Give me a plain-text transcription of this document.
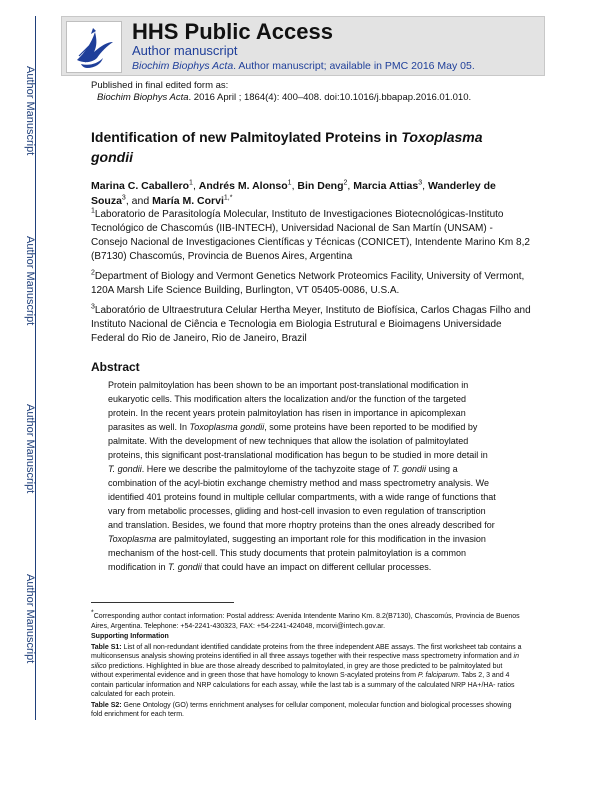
Author Manuscript
Author Manuscript
Author Manuscript
Author Manuscript
HHS Public Access
Author manuscript
Biochim Biophys Acta. Author manuscript; available in PMC 2016 May 05.
Published in final edited form as:
Biochim Biophys Acta. 2016 April ; 1864(4): 400–408. doi:10.1016/j.bbapap.2016.01.010.
Identification of new Palmitoylated Proteins in Toxoplasma gondii
Marina C. Caballero$^1$, Andrés M. Alonso$^1$, Bin Deng$^2$, Marcia Attias$^3$, Wanderley de Souza$^3$, and María M. Corvi$^{1,*}$
$^1$Laboratorio de Parasitología Molecular, Instituto de Investigaciones Biotecnológicas-Instituto Tecnológico de Chascomús (IIB-INTECH), Universidad Nacional de San Martín (UNSAM) - Consejo Nacional de Investigaciones Científicas y Técnicas (CONICET), Intendente Marino Km 8,2 (B7130) Chascomús, Provincia de Buenos Aires, Argentina
$^2$Department of Biology and Vermont Genetics Network Proteomics Facility, University of Vermont, 120A Marsh Life Science Building, Burlington, VT 05405-0086, U.S.A.
$^3$Laboratório de Ultraestrutura Celular Hertha Meyer, Instituto de Biofísica, Carlos Chagas Filho and Instituto Nacional de Ciência e Tecnologia em Biologia Estrutural e Bioimagens Universidade Federal do Rio de Janeiro, Rio de Janeiro, Brazil
Abstract
Protein palmitoylation has been shown to be an important post-translational modification in eukaryotic cells. This modification alters the localization and/or the function of the targeted protein. In the recent years protein palmitoylation has risen in importance in apicomplexan parasites as well. In Toxoplasma gondii, some proteins have been reported to be modified by palmitate. With the development of new techniques that allow the isolation of palmitoylated proteins, this significant post-translational modification has begun to be studied in more detail in T. gondii. Here we describe the palmitoylome of the tachyzoite stage of T. gondii using a combination of the acyl-biotin exchange chemistry method and mass spectrometry analysis. We identified 401 proteins found in multiple cellular compartments, with a wide range of functions that vary from metabolic processes, gliding and host-cell invasion to even regulation of transcription and translation. Besides, we found that more rhoptry proteins than the ones already described for Toxoplasma are palmitoylated, suggesting an important role for this modification in the invasion mechanism of the host-cell. This study documents that protein palmitoylation is a common modification in T. gondii that could have an impact on different cellular processes.

*Corresponding author contact information: Postal address: Avenida Intendente Marino Km. 8.2(B7130), Chascomús, Provincia de Buenos Aires, Argentina. Telephone: +54-2241-430323, FAX: +54-2241-424048, mcorvi@intech.gov.ar.

Supporting Information

Table S1: List of all non-redundant identified candidate proteins from the three independent ABE assays. The first worksheet tab contains a multiconsensus analysis showing proteins identified in all three assays together with their respective mass spectrometry information and in silico predictions. Highlighted in blue are those already described to palmitoylated, in grey are those predicted to be palmitoylated but without experimental evidence and in green those that have homology to known S-acylated proteins from P. falciparum. Tabs 2, 3 and 4 contain particular information and NRP calculations for each assay, while the last tab is a summary of the calculated NRP HA+/HA- ratios calculated for each protein.

Table S2: Gene Ontology (GO) terms enrichment analyses for cellular component, molecular function and biological processes showing fold enrichment for each term.
